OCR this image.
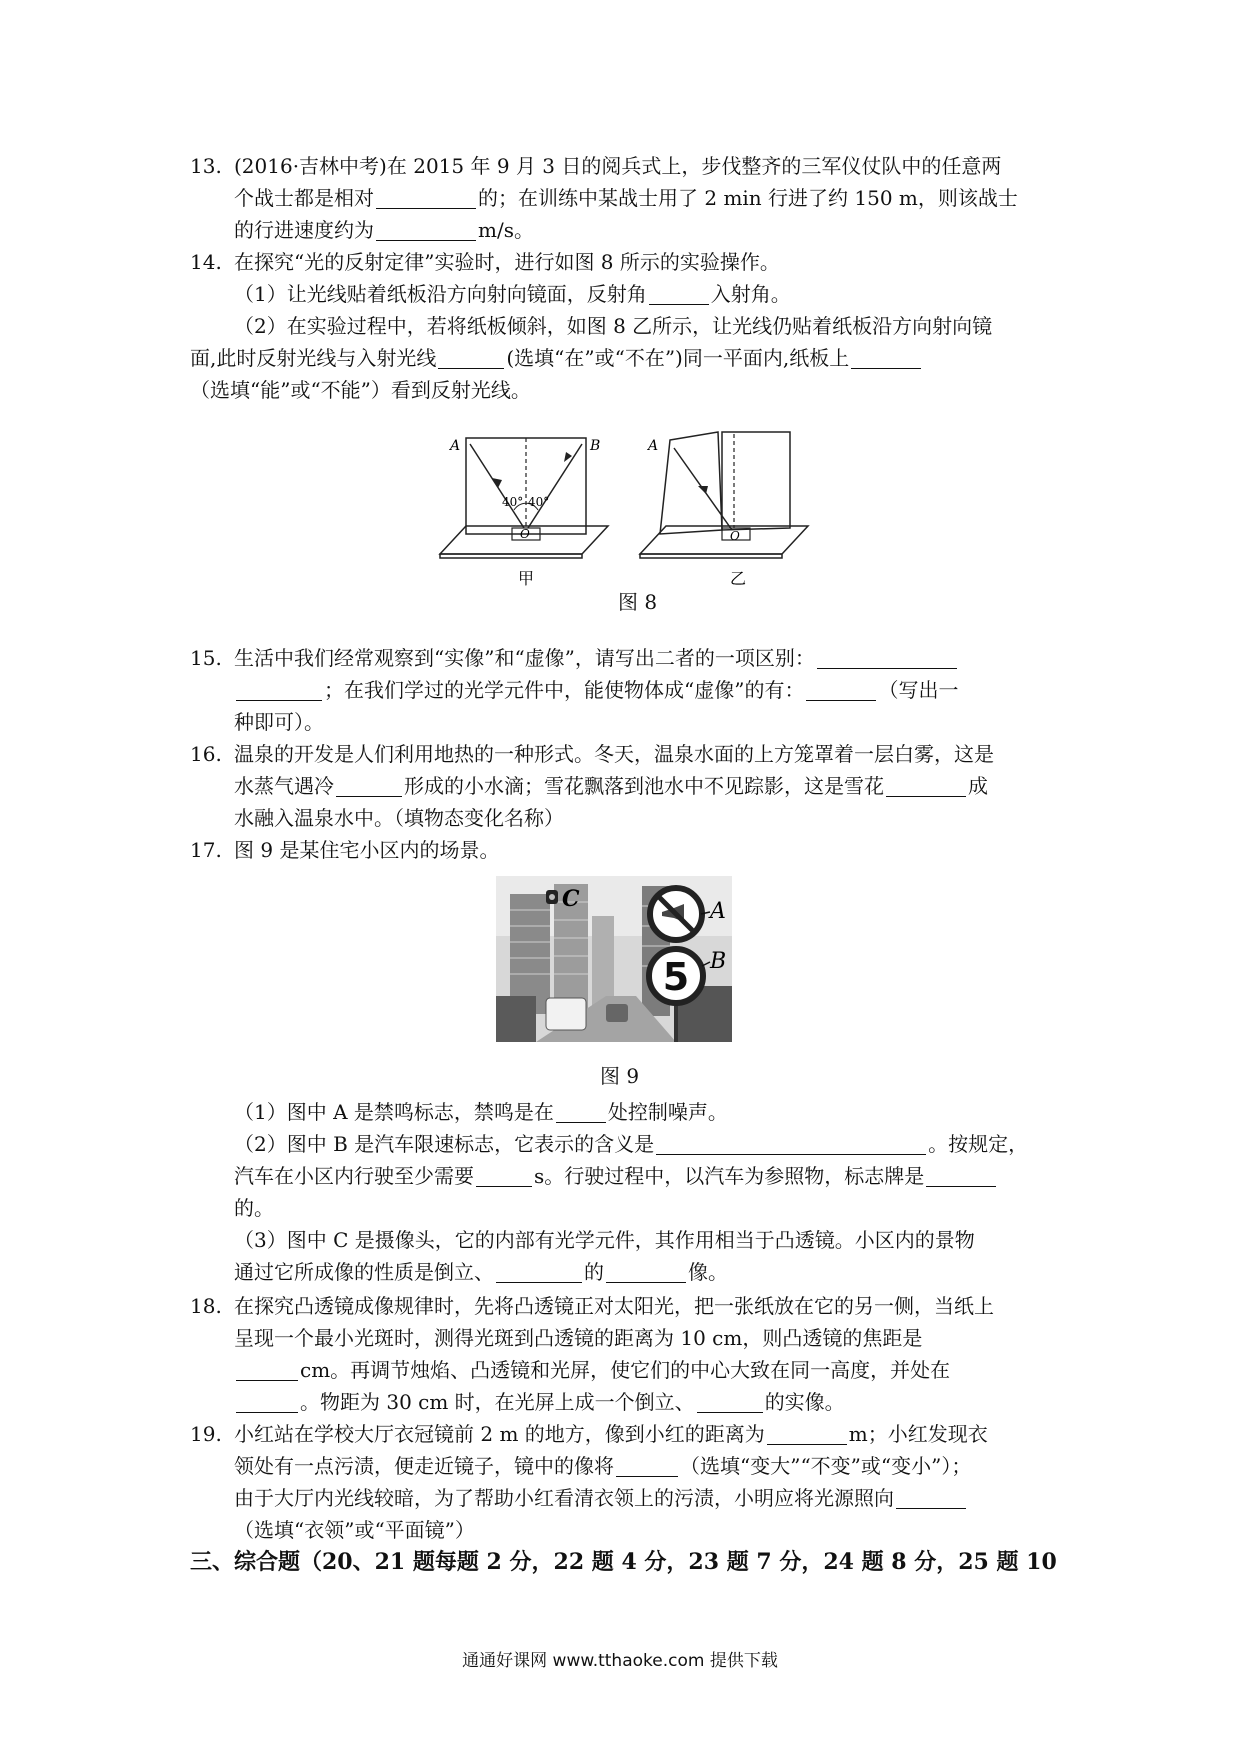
13. (2016·吉林中考)在 2015 年 9 月 3 日的阅兵式上，步伐整齐的三军仪仗队中的任意两

个战士都是相对	的；在训练中某战士用了 2 min 行进了约 150 m，则该战士

的行进速度约为	m/s。

14. 在探究“光的反射定律”实验时，进行如图 8 所示的实验操作。

（1）让光线贴着纸板沿方向射向镜面，反射角	入射角。

（2）在实验过程中，若将纸板倾斜，如图 8 乙所示，让光线仍贴着纸板沿方向射向镜

面,此时反射光线与入射光线	(选填“在”或“不在”)同一平面内,纸板上

（选填“能”或“不能”）看到反射光线。

A	B
40° 40°
O
A
O
甲	乙
图 8
15. 生活中我们经常观察到“实像”和“虚像”，请写出二者的一项区别：

；在我们学过的光学元件中，能使物体成“虚像”的有：	（写出一

种即可）。

16. 温泉的开发是人们利用地热的一种形式。冬天，温泉水面的上方笼罩着一层白雾，这是

水蒸气遇冷	形成的小水滴；雪花飘落到池水中不见踪影，这是雪花	成

水融入温泉水中。（填物态变化名称）

17. 图 9 是某住宅小区内的场景。

5
A
B
C
图 9

（1）图中 A 是禁鸣标志，禁鸣是在	处控制噪声。

（2）图中 B 是汽车限速标志，它表示的含义是	。按规定，

汽车在小区内行驶至少需要	s。行驶过程中，以汽车为参照物，标志牌是

的。

（3）图中 C 是摄像头，它的内部有光学元件，其作用相当于凸透镜。小区内的景物

通过它所成像的性质是倒立、	的	像。

18. 在探究凸透镜成像规律时，先将凸透镜正对太阳光，把一张纸放在它的另一侧，当纸上

呈现一个最小光斑时，测得光斑到凸透镜的距离为 10 cm，则凸透镜的焦距是

cm。再调节烛焰、凸透镜和光屏，使它们的中心大致在同一高度，并处在

。物距为 30 cm 时，在光屏上成一个倒立、	的实像。

19. 小红站在学校大厅衣冠镜前 2 m 的地方，像到小红的距离为	m；小红发现衣

领处有一点污渍，便走近镜子，镜中的像将	（选填“变大”“不变”或“变小”）；

由于大厅内光线较暗，为了帮助小红看清衣领上的污渍，小明应将光源照向

（选填“衣领”或“平面镜”）

三、综合题（20、21 题每题 2 分，22 题 4 分，23 题 7 分，24 题 8 分，25 题 10
通通好课网 www.tthaoke.com 提供下载
